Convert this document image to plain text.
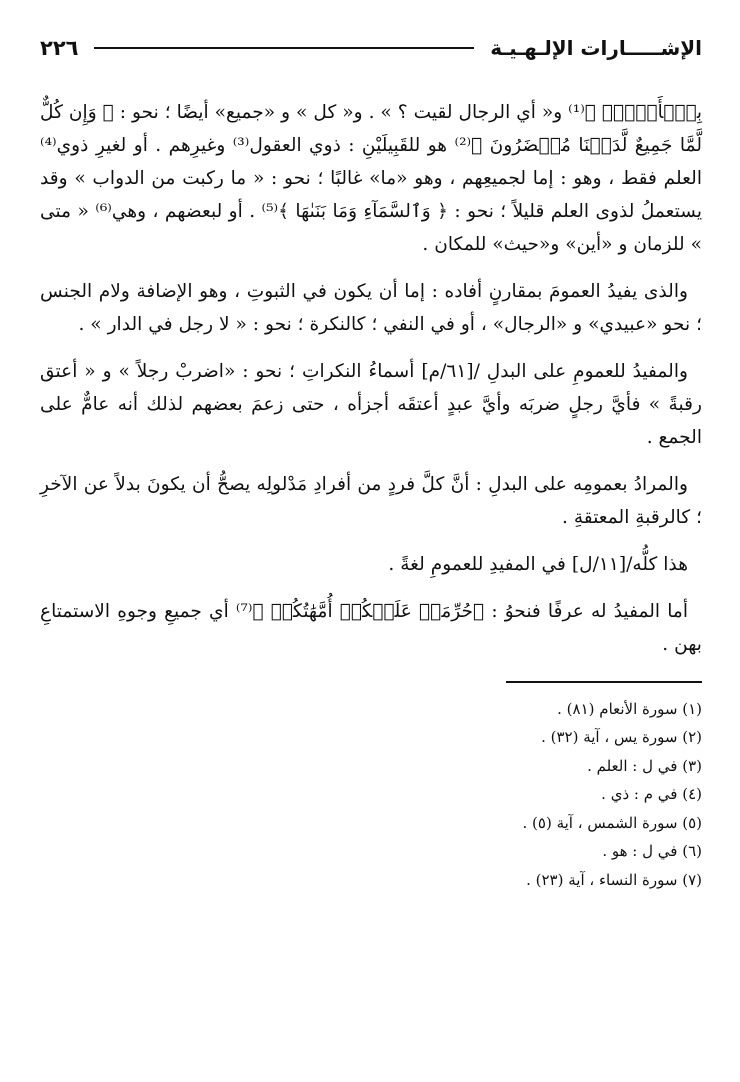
الإشـــــارات الإلـهـيـة
٢٢٦

بِٱلۡأَمۡنِۖ ﴾⁽¹⁾ و« أي الرجال لقيت ؟ » . و« كل » و «جميع» أيضًا ؛ نحو : ﴿ وَإِن كُلٌّ لَّمَّا جَمِيعٌ لَّدَيۡنَا مُحۡضَرُونَ ﴾⁽²⁾ هو للقَبِيلَيْنِ : ذوي العقول⁽³⁾ وغيرِهم . أو لغيرِ ذوي⁽⁴⁾ العلم فقط ، وهو : إما لجميعِهم ، وهو «ما» غالبًا ؛ نحو : « ما ركبت من الدواب » وقد يستعملُ لذوى العلم قليلاً ؛ نحو : ﴿ وَٱلسَّمَآءِ وَمَا بَنَىٰهَا ﴾⁽⁵⁾ . أو لبعضهم ، وهي⁽⁶⁾ « متى » للزمان و «أين» و«حيث» للمكان .

والذى يفيدُ العمومَ بمقارنٍ أفاده : إما أن يكون في الثبوتِ ، وهو الإضافة ولام الجنس ؛ نحو «عبيدي» و «الرجال» ، أو في النفي ؛ كالنكرة ؛ نحو : « لا رجل في الدار » .

والمفيدُ للعمومِ على البدلِ /[٦١/م] أسماءُ النكراتِ ؛ نحو : «اضربْ رجلاً » و « أعتق رقبةً » فأيَّ رجلٍ ضربَه وأيَّ عبدٍ أعتقَه أجزأه ، حتى زعمَ بعضهم لذلك أنه عامٌّ على الجمع .

والمرادُ بعمومِه على البدلِ : أنَّ كلَّ فردٍ من أفرادِ مَدْلولِه يصحُّ أن يكونَ بدلاً عن الآخرِ ؛ كالرقبةِ المعتقةِ .

هذا كلُّه/[١١/ل] في المفيدِ للعمومِ لغةً .

أما المفيدُ له عرفًا فنحوُ : ﴿حُرِّمَتۡ عَلَيۡكُمۡ أُمَّهَٰتُكُمۡ ﴾⁽⁷⁾ أي جميعِ وجوهِ الاستمتاعِ بهن .

(١) سورة الأنعام (٨١) .
(٢) سورة يس ، آية (٣٢) .
(٣) في ل : العلم .
(٤) في م : ذي .
(٥) سورة الشمس ، آية (٥) .
(٦) في ل : هو .
(٧) سورة النساء ، آية (٢٣) .
